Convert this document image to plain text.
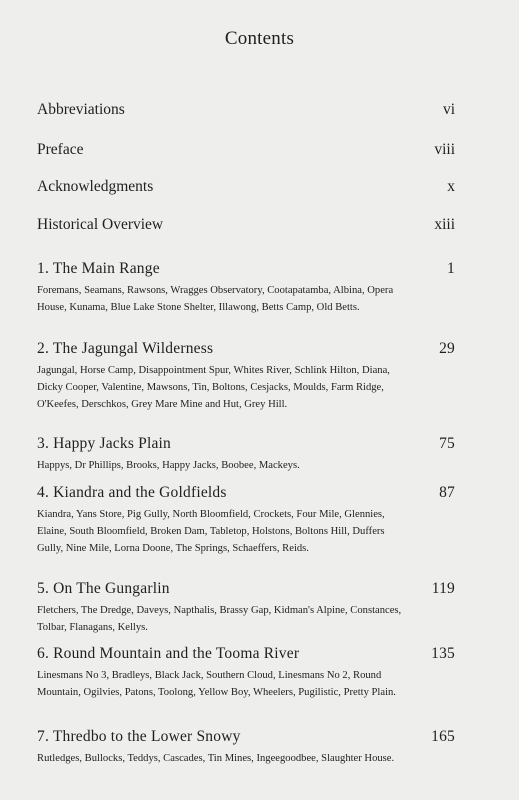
Contents
Abbreviations	vi
Preface	viii
Acknowledgments	x
Historical Overview	xiii
1. The Main Range	1
Foremans, Seamans, Rawsons, Wragges Observatory, Cootapatamba, Albina, Opera House, Kunama, Blue Lake Stone Shelter, Illawong, Betts Camp, Old Betts.
2. The Jagungal Wilderness	29
Jagungal, Horse Camp, Disappointment Spur, Whites River, Schlink Hilton, Diana, Dicky Cooper, Valentine, Mawsons, Tin, Boltons, Cesjacks, Moulds, Farm Ridge, O'Keefes, Derschkos, Grey Mare Mine and Hut, Grey Hill.
3. Happy Jacks Plain	75
Happys, Dr Phillips, Brooks, Happy Jacks, Boobee, Mackeys.
4. Kiandra and the Goldfields	87
Kiandra, Yans Store, Pig Gully, North Bloomfield, Crockets, Four Mile, Glennies, Elaine, South Bloomfield, Broken Dam, Tabletop, Holstons, Boltons Hill, Duffers Gully, Nine Mile, Lorna Doone, The Springs, Schaeffers, Reids.
5. On The Gungarlin	119
Fletchers, The Dredge, Daveys, Napthalis, Brassy Gap, Kidman's Alpine, Constances, Tolbar, Flanagans, Kellys.
6. Round Mountain and the Tooma River	135
Linesmans No 3, Bradleys, Black Jack, Southern Cloud, Linesmans No 2, Round Mountain, Ogilvies, Patons, Toolong, Yellow Boy, Wheelers, Pugilistic, Pretty Plain.
7. Thredbo to the Lower Snowy	165
Rutledges, Bullocks, Teddys, Cascades, Tin Mines, Ingeegoodbee, Slaughter House.
